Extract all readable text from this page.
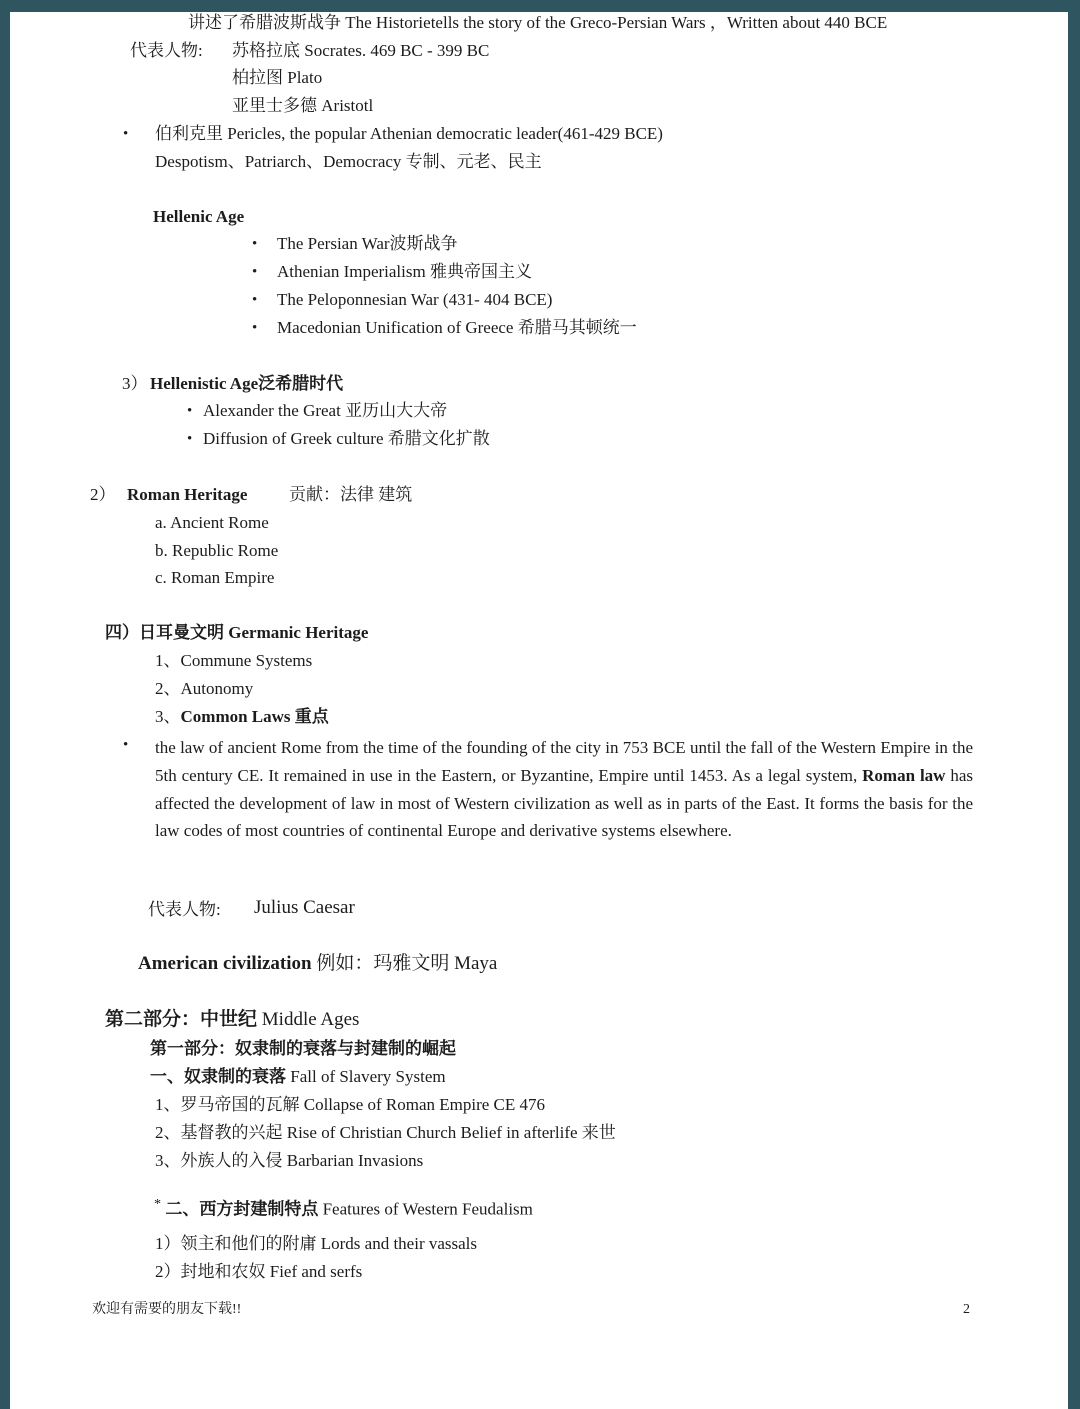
讲述了希腊波斯战争 The Historietells the story of the Greco-Persian Wars ，Written about 440 BCE
代表人物: 苏格拉底 Socrates. 469 BC - 399 BC
柏拉图 Plato
亚里士多德 Aristotl
• 伯利克里 Pericles, the popular Athenian democratic leader(461-429 BCE)
Despotism、Patriarch、Democracy 专制、元老、民主
Hellenic Age
• The Persian War波斯战争
• Athenian Imperialism 雅典帝国主义
• The Peloponnesian War (431- 404 BCE)
• Macedonian Unification of Greece 希腊马其顿统一
3） Hellenistic Age泛希腊时代
• Alexander the Great 亚历山大大帝
• Diffusion of Greek culture 希腊文化扩散
2） Roman Heritage 贡献：法律 建筑
a. Ancient Rome
b. Republic Rome
c. Roman Empire
四）日耳曼文明 Germanic Heritage
1、Commune Systems
2、Autonomy
3、Common Laws 重点
• the law of ancient Rome from the time of the founding of the city in 753 BCE until the fall of the Western Empire in the 5th century CE. It remained in use in the Eastern, or Byzantine, Empire until 1453. As a legal system, Roman law has affected the development of law in most of Western civilization as well as in parts of the East. It forms the basis for the law codes of most countries of continental Europe and derivative systems elsewhere.
代表人物: Julius Caesar
American civilization 例如：玛雅文明 Maya
第二部分：中世纪 Middle Ages
第一部分：奴隶制的衰落与封建制的崛起
一、奴隶制的衰落 Fall of Slavery System
1、罗马帝国的瓦解 Collapse of Roman Empire CE 476
2、基督教的兴起 Rise of Christian Church Belief in afterlife 来世
3、外族人的入侵 Barbarian Invasions
* 二、西方封建制特点 Features of Western Feudalism
1）领主和他们的附庸 Lords and their vassals
2）封地和农奴 Fief and serfs
欢迎有需要的朋友下载!!	2
